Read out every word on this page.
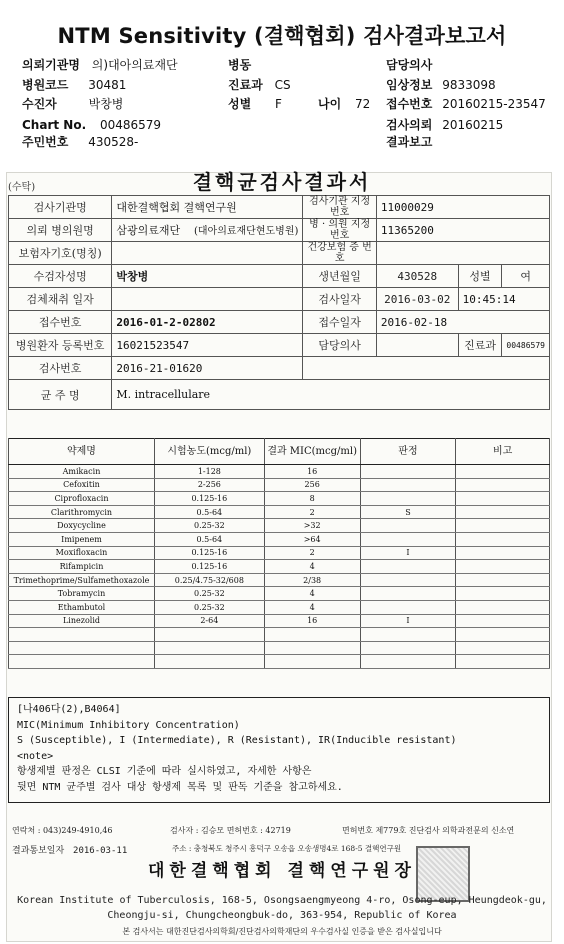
NTM Sensitivity (결핵협회) 검사결과보고서
의뢰기관명 의)대아의료재단	병동	담당의사
병원코드 30481	진료과 CS	임상정보 9833098
수진자	박창병	성별 F	나이 72 접수번호 20160215-23547
Chart No. 00486579	검사의뢰 20160215
주민번호 430528-	결과보고
(수탁)	결핵균검사결과서
검사기관명	대한결핵협회 결핵연구원	검사기관 지정번호	11000029		
의뢰 병의원명	삼광의료재단 (대아의료재단현도병원)	병 · 의원 지정번호	11365200		
보험자기호(명칭)		건강보험 증 번 호			
수검자성명	박창병	생년월일	430528	성별	여
검체채취 일자		검사일자	2016-03-02	10:45:14	
접수번호	2016-01-2-02802	접수일자	2016-02-18		
병원환자 등록번호	16021523547	담당의사		진료과	00486579
검사번호	2016-21-01620				
균 주 명	M. intracellulare				
약제명	시험농도(mcg/ml)	결과 MIC(mcg/ml)	판정	비고
Amikacin	1-128	16		
Cefoxitin	2-256	256		
Ciprofloxacin	0.125-16	8		
Clarithromycin	0.5-64	2	S	
Doxycycline	0.25-32	>32		
Imipenem	0.5-64	>64		
Moxifloxacin	0.125-16	2	I	
Rifampicin	0.125-16	4		
Trimethoprime/Sulfamethoxazole	0.25/4.75-32/608	2/38		
Tobramycin	0.25-32	4		
Ethambutol	0.25-32	4		
Linezolid	2-64	16	I	

[나406다(2),B4064]
MIC(Minimum Inhibitory Concentration)
S (Susceptible), I (Intermediate), R (Resistant), IR(Inducible resistant)
<note>
항생제별 판정은 CLSI 기준에 따라 실시하였고, 자세한 사항은
뒷면 NTM 균주별 검사 대상 항생제 목록 및 판독 기준을 참고하세요.
연락처 : 043)249-4910,46	검사자 : 김승모 면허번호 : 42719	면허번호 제779호 진단검사 의학과전문의 신소연
결과통보일자 2016-03-11	주소 : 충청북도 청주시 흥덕구 오송읍 오송생명4로 168-5 결핵연구원
대한결핵협회 결핵연구원장
Korean Institute of Tuberculosis, 168-5, Osongsaengmyeong 4-ro, Osong-eup, Heungdeok-gu,
Cheongju-si, Chungcheongbuk-do, 363-954, Republic of Korea
본 검사서는 대한진단검사의학회/진단검사의학재단의 우수검사실 인증을 받은 검사실입니다
